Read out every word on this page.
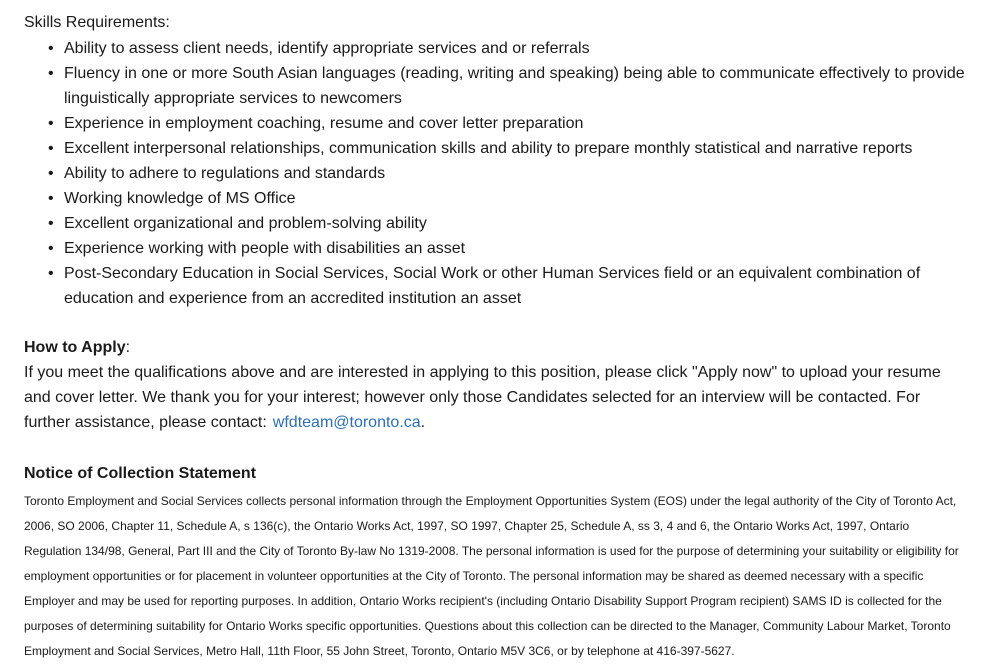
Skills Requirements:

• Ability to assess client needs, identify appropriate services and or referrals
• Fluency in one or more South Asian languages (reading, writing and speaking) being able to communicate effectively to provide linguistically appropriate services to newcomers
• Experience in employment coaching, resume and cover letter preparation
• Excellent interpersonal relationships, communication skills and ability to prepare monthly statistical and narrative reports
• Ability to adhere to regulations and standards
• Working knowledge of MS Office
• Excellent organizational and problem-solving ability
• Experience working with people with disabilities an asset
• Post-Secondary Education in Social Services, Social Work or other Human Services field or an equivalent combination of education and experience from an accredited institution an asset
How to Apply:

If you meet the qualifications above and are interested in applying to this position, please click "Apply now" to upload your resume and cover letter. We thank you for your interest; however only those Candidates selected for an interview will be contacted. For further assistance, please contact: wfdteam@toronto.ca.

Notice of Collection Statement

Toronto Employment and Social Services collects personal information through the Employment Opportunities System (EOS) under the legal authority of the City of Toronto Act, 2006, SO 2006, Chapter 11, Schedule A, s 136(c), the Ontario Works Act, 1997, SO 1997, Chapter 25, Schedule A, ss 3, 4 and 6, the Ontario Works Act, 1997, Ontario Regulation 134/98, General, Part III and the City of Toronto By-law No 1319-2008. The personal information is used for the purpose of determining your suitability or eligibility for employment opportunities or for placement in volunteer opportunities at the City of Toronto. The personal information may be shared as deemed necessary with a specific Employer and may be used for reporting purposes. In addition, Ontario Works recipient's (including Ontario Disability Support Program recipient) SAMS ID is collected for the purposes of determining suitability for Ontario Works specific opportunities. Questions about this collection can be directed to the Manager, Community Labour Market, Toronto Employment and Social Services, Metro Hall, 11th Floor, 55 John Street, Toronto, Ontario M5V 3C6, or by telephone at 416-397-5627.
